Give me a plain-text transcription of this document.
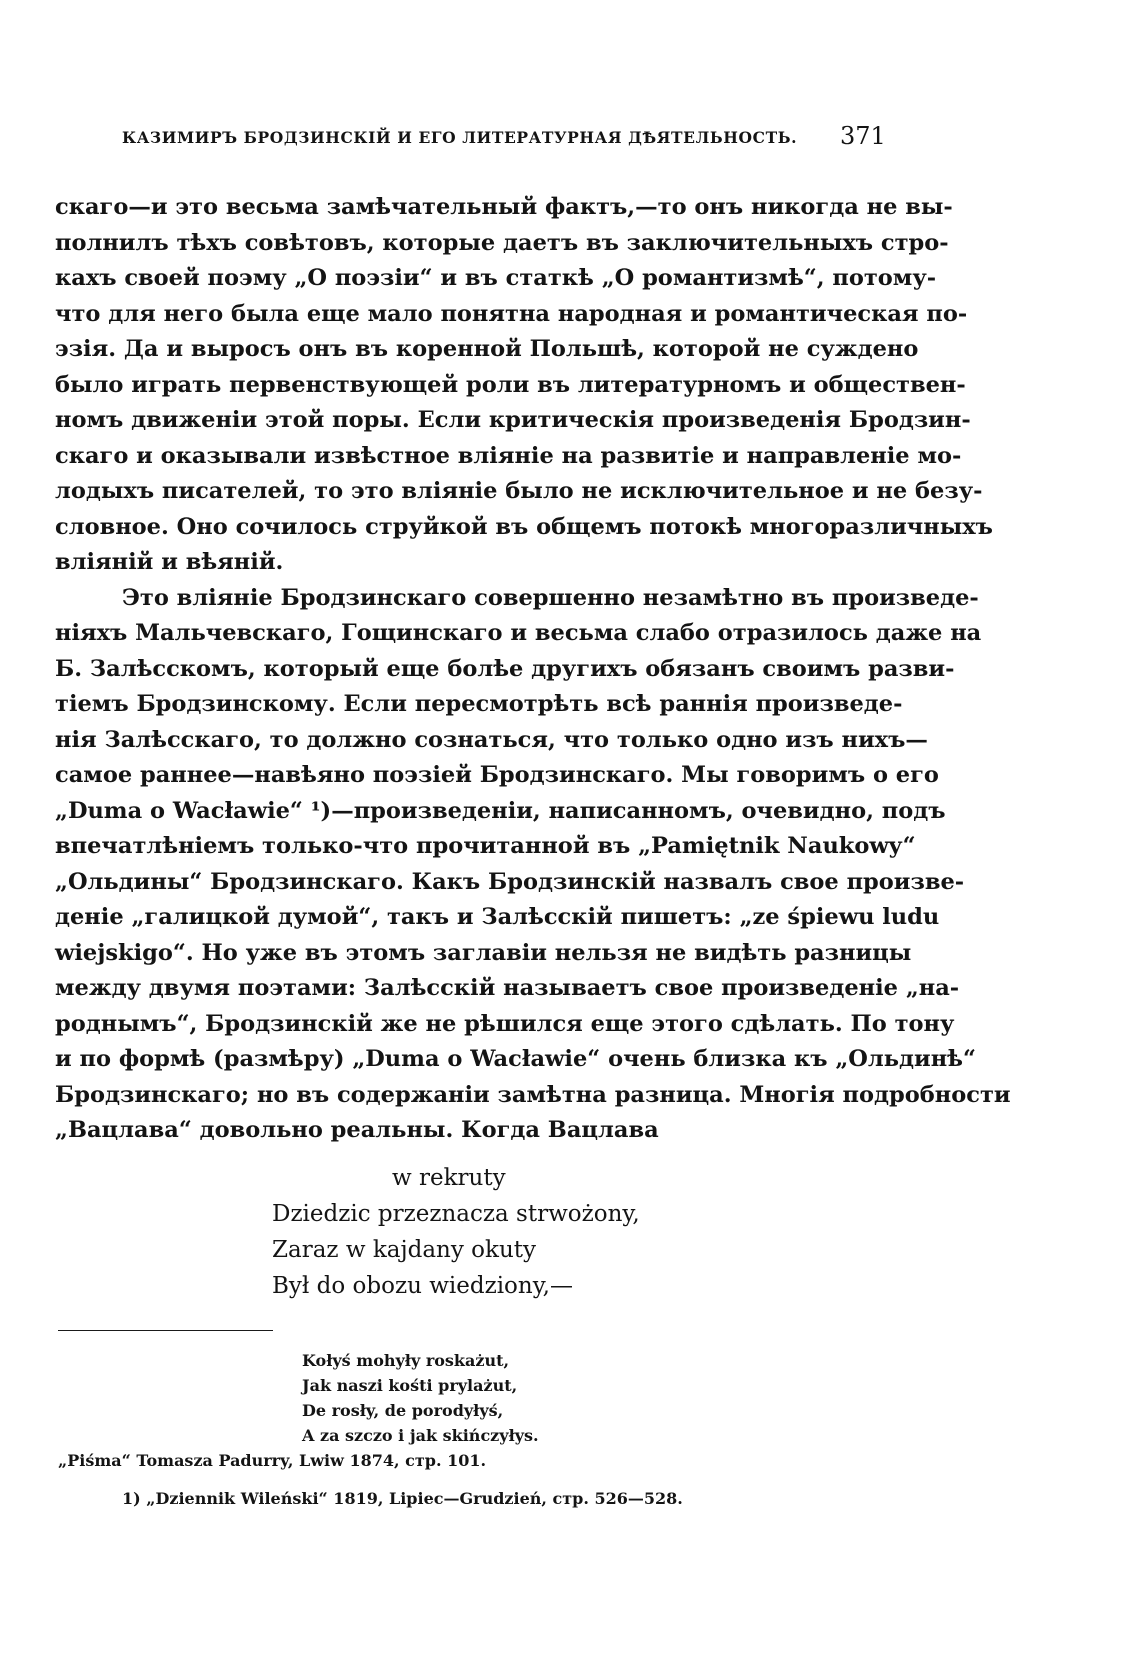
КАЗИМИРЪ БРОДЗИНСКІЙ И ЕГО ЛИТЕРАТУРНАЯ ДѢЯТЕЛЬНОСТЬ.	371
скаго—и это весьма замѣчательный фактъ,—то онъ никогда не вы-
полнилъ тѣхъ совѣтовъ, которые даетъ въ заключительныхъ стро-
кахъ своей поэму „О поэзіи“ и въ статкѣ „О романтизмѣ“, потому-
что для него была еще мало понятна народная и романтическая по-
эзія. Да и выросъ онъ въ коренной Польшѣ, которой не суждено
было играть первенствующей роли въ литературномъ и обществен-
номъ движеніи этой поры. Если критическія произведенія Бродзин-
скаго и оказывали извѣстное вліяніе на развитіе и направленіе мо-
лодыхъ писателей, то это вліяніе было не исключительное и не безу-
словное. Оно сочилось струйкой въ общемъ потокѣ многоразличныхъ
вліяній и вѣяній.
Это вліяніе Бродзинскаго совершенно незамѣтно въ произведе-
ніяхъ Мальчевскаго, Гощинскаго и весьма слабо отразилось даже на
Б. Залѣсскомъ, который еще болѣе другихъ обязанъ своимъ разви-
тіемъ Бродзинскому. Если пересмотрѣть всѣ раннія произведе-
нія Залѣсскаго, то должно сознаться, что только одно изъ нихъ—
самое раннее—навѣяно поэзіей Бродзинскаго. Мы говоримъ о его
„Duma o Wacławie“ ¹)—произведеніи, написанномъ, очевидно, подъ
впечатлѣніемъ только-что прочитанной въ „Pamiętnik Naukowy“
„Ольдины“ Бродзинскаго. Какъ Бродзинскій назвалъ свое произве-
деніе „галицкой думой“, такъ и Залѣсскій пишетъ: „ze śpiewu ludu
wiejskigo“. Но уже въ этомъ заглавіи нельзя не видѣть разницы
между двумя поэтами: Залѣсскій называетъ свое произведеніе „на-
роднымъ“, Бродзинскій же не рѣшился еще этого сдѣлать. По тону
и по формѣ (размѣру) „Duma o Wacławie“ очень близка къ „Ольдинѣ“
Бродзинскаго; но въ содержаніи замѣтна разница. Многія подробности
„Вацлава“ довольно реальны. Когда Вацлава
w rekruty
Dziedzic przeznacza strwożony,
Zaraz w kajdany okuty
Był do obozu wiedziony,—
Kołyś mohyły roskażut,
Jak naszi kośti prylażut,
De rosły, de porodyłyś,
A za szczo i jak skińczyłys.
„Piśma“ Tomasza Padurry, Lwiw 1874, стр. 101.
1) „Dziennik Wileński“ 1819, Lipiec—Grudzień, стр. 526—528.
